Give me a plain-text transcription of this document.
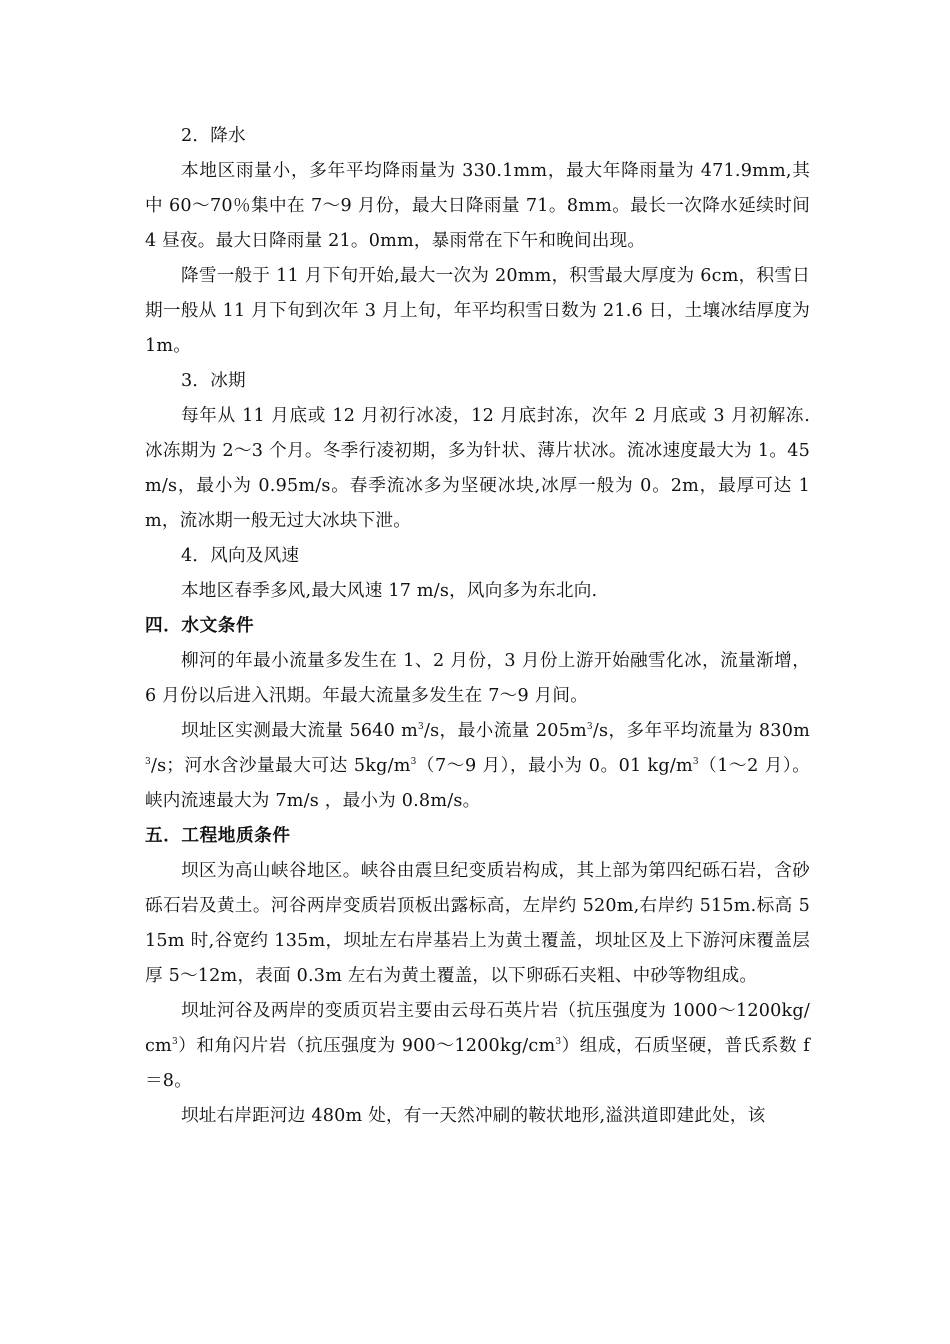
2．降水

本地区雨量小，多年平均降雨量为 330.1mm，最大年降雨量为 471.9mm,其中 60～70％集中在 7～9 月份，最大日降雨量 71。8mm。最长一次降水延续时间 4 昼夜。最大日降雨量 21。0mm，暴雨常在下午和晚间出现。

降雪一般于 11 月下旬开始,最大一次为 20mm，积雪最大厚度为 6cm，积雪日期一般从 11 月下旬到次年 3 月上旬，年平均积雪日数为 21.6 日，土壤冰结厚度为 1m。

3．冰期

每年从 11 月底或 12 月初行冰凌，12 月底封冻，次年 2 月底或 3 月初解冻.冰冻期为 2～3 个月。冬季行凌初期，多为针状、薄片状冰。流冰速度最大为 1。45m/s，最小为 0.95m/s。春季流冰多为坚硬冰块,冰厚一般为 0。2m，最厚可达 1m，流冰期一般无过大冰块下泄。

4．风向及风速

本地区春季多风,最大风速 17 m/s，风向多为东北向.

四．水文条件

柳河的年最小流量多发生在 1、2 月份，3 月份上游开始融雪化冰，流量渐增，6 月份以后进入汛期。年最大流量多发生在 7～9 月间。

坝址区实测最大流量 5640 $m^3/s$，最小流量 $205m^3/s$，多年平均流量为 $830m^3/s$；河水含沙量最大可达 $5kg/m^3(7\sim 9$ 月），最小为 0。01 $kg/m^3(1\sim 2$ 月）。峡内流速最大为 7m/s ，最小为 0.8m/s。

五．工程地质条件

坝区为高山峡谷地区。峡谷由震旦纪变质岩构成，其上部为第四纪砾石岩，含砂砾石岩及黄土。河谷两岸变质岩顶板出露标高，左岸约 520m,右岸约 515m.标高 515m 时,谷宽约 135m，坝址左右岸基岩上为黄土覆盖，坝址区及上下游河床覆盖层厚 5～12m，表面 0.3m 左右为黄土覆盖，以下卵砾石夹粗、中砂等物组成。

坝址河谷及两岸的变质页岩主要由云母石英片岩（抗压强度为 $1000\sim 1200kg/cm^3$）和角闪片岩（抗压强度为 $900\sim 1200kg/cm^3$）组成，石质坚硬，普氏系数 f＝8。

坝址右岸距河边 480m 处，有一天然冲刷的鞍状地形,溢洪道即建此处，该
